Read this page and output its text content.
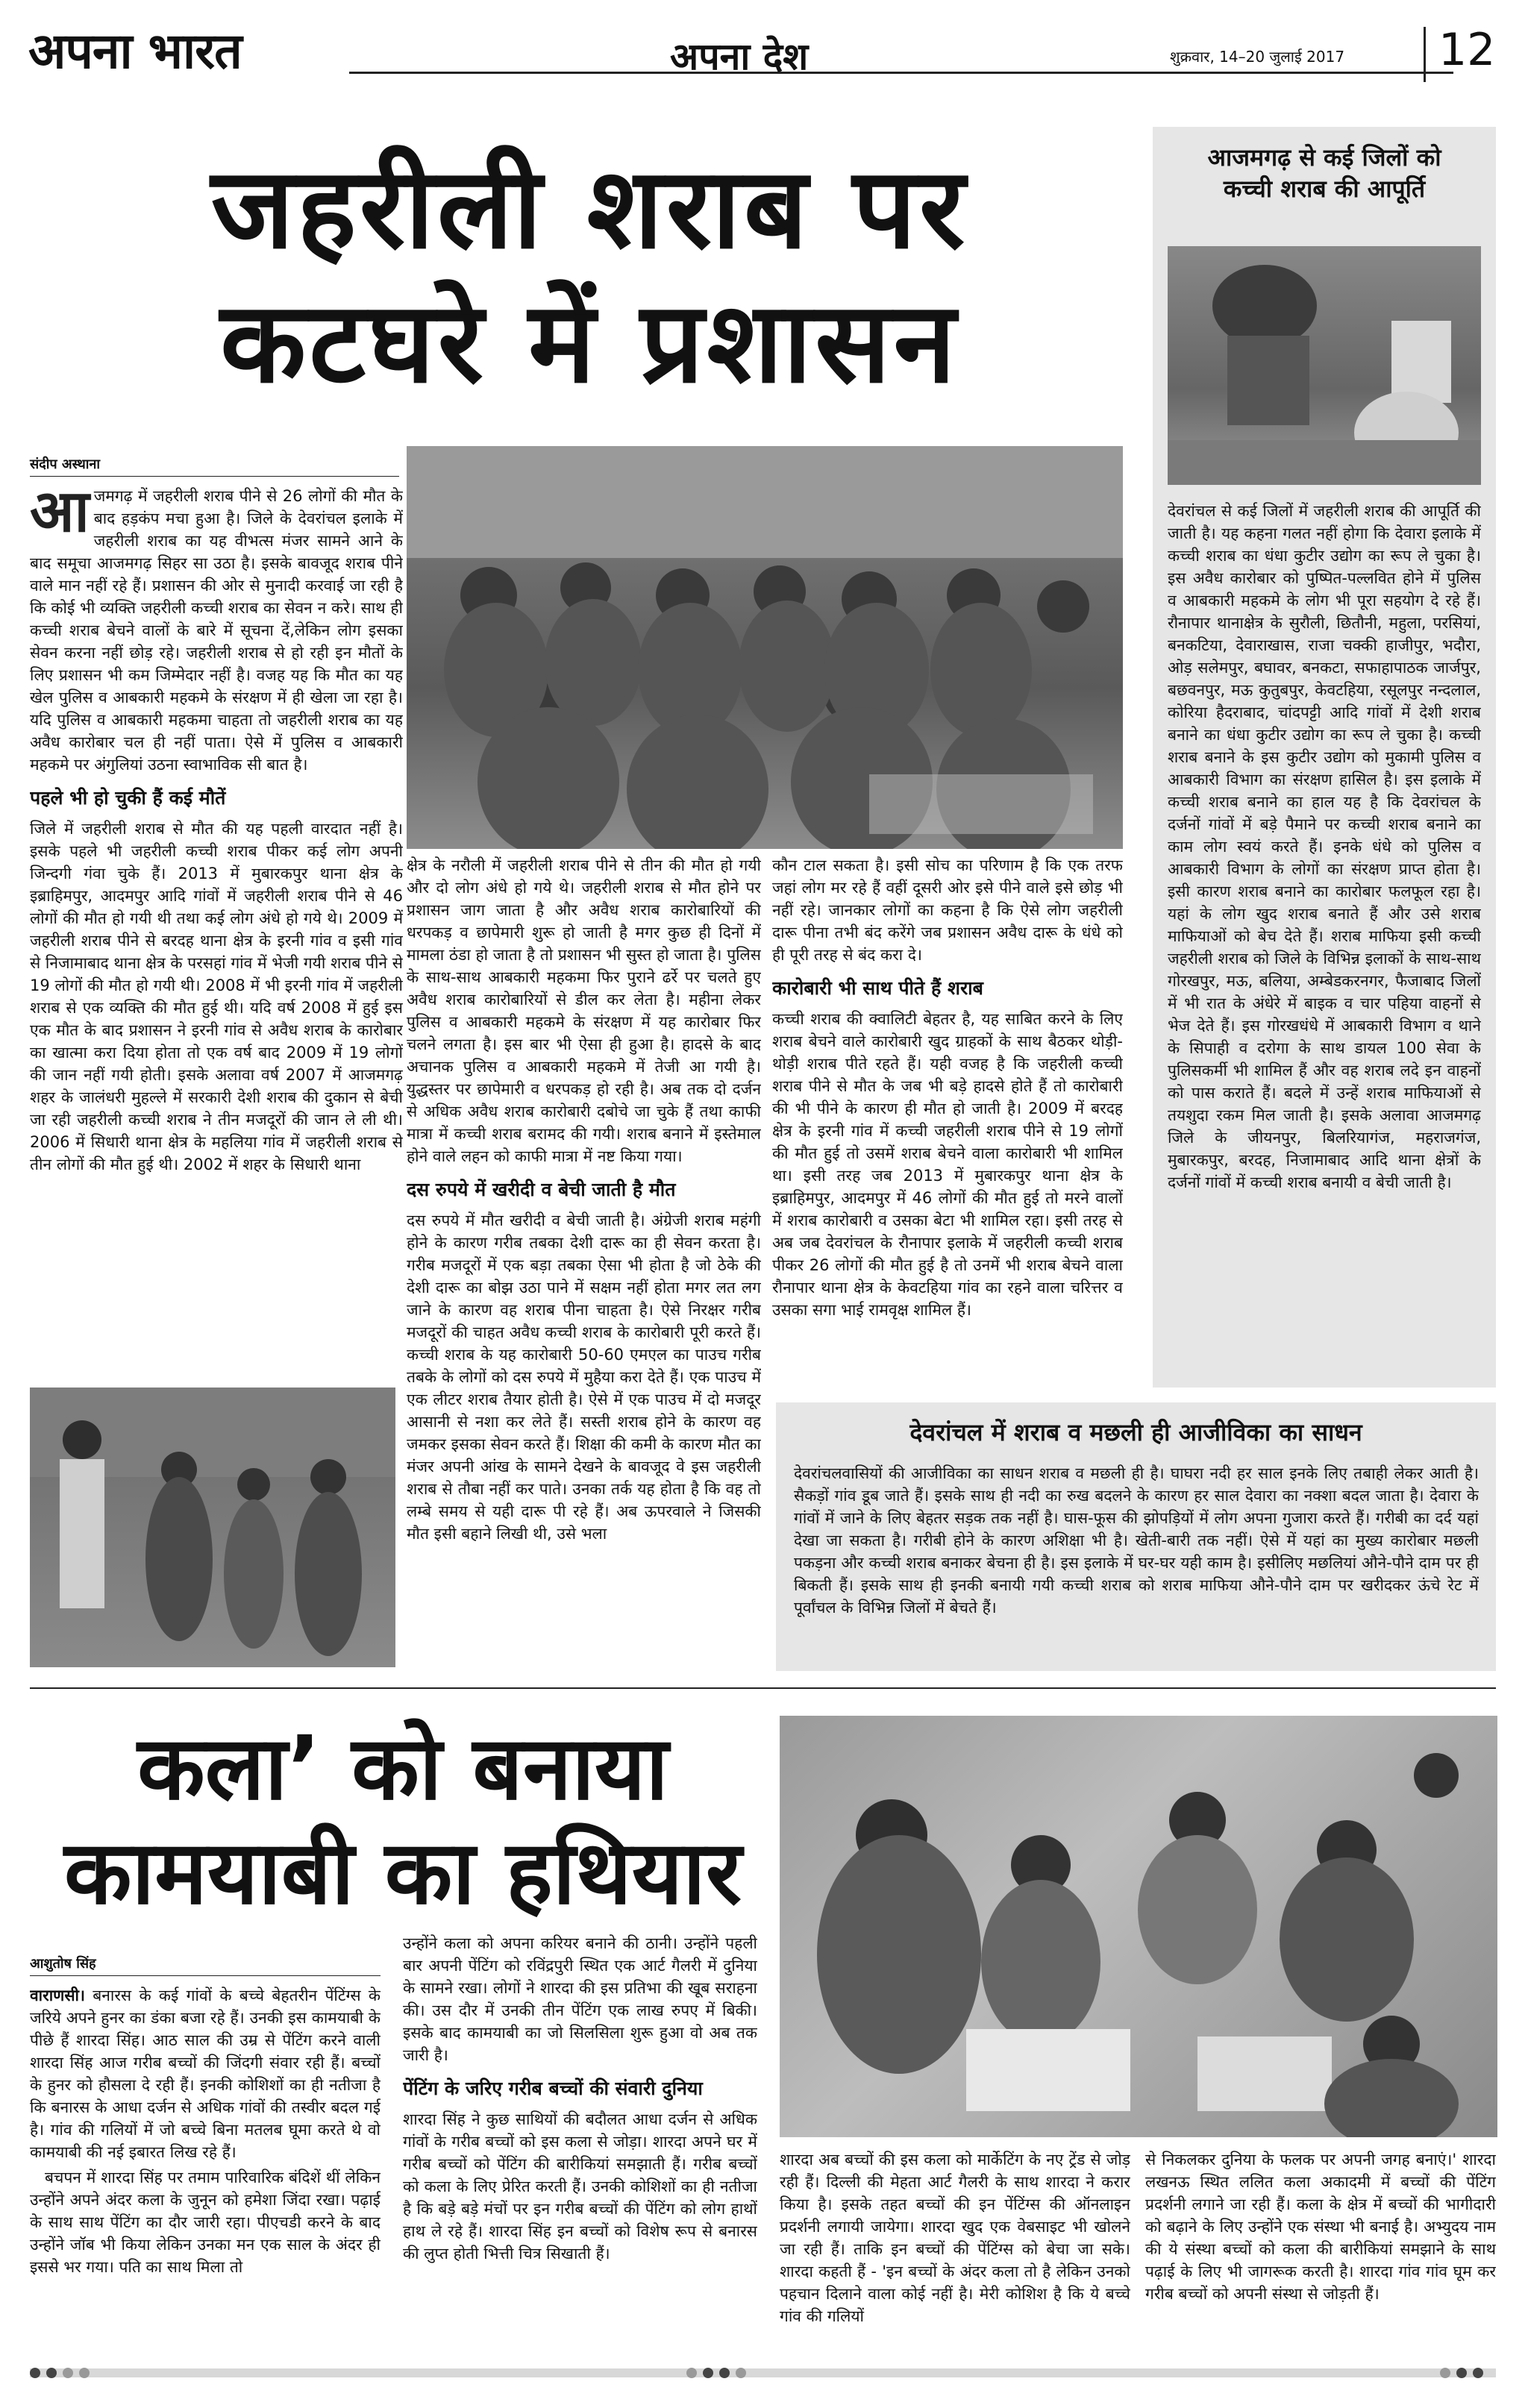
अपना भारत	अपना देश	शुक्रवार, 14–20 जुलाई 2017 12
जहरीली शराब पर
कटघरे में प्रशासन
संदीप अस्थाना

आजमगढ़ में जहरीली शराब पीने से 26 लोगों की मौत के बाद हड़कंप मचा हुआ है। जिले के देवरांचल इलाके में जहरीली शराब का यह वीभत्स मंजर सामने आने के बाद समूचा आजमगढ़ सिहर सा उठा है। इसके बावजूद शराब पीने वाले मान नहीं रहे हैं। प्रशासन की ओर से मुनादी करवाई जा रही है कि कोई भी व्यक्ति जहरीली कच्ची शराब का सेवन न करे। साथ ही कच्ची शराब बेचने वालों के बारे में सूचना दें,लेकिन लोग इसका सेवन करना नहीं छोड़ रहे। जहरीली शराब से हो रही इन मौतों के लिए प्रशासन भी कम जिम्मेदार नहीं है। वजह यह कि मौत का यह खेल पुलिस व आबकारी महकमे के संरक्षण में ही खेला जा रहा है। यदि पुलिस व आबकारी महकमा चाहता तो जहरीली शराब का यह अवैध कारोबार चल ही नहीं पाता। ऐसे में पुलिस व आबकारी महकमे पर अंगुलियां उठना स्वाभाविक सी बात है।

पहले भी हो चुकी हैं कई मौतें

जिले में जहरीली शराब से मौत की यह पहली वारदात नहीं है। इसके पहले भी जहरीली कच्ची शराब पीकर कई लोग अपनी जिन्दगी गंवा चुके हैं। 2013 में मुबारकपुर थाना क्षेत्र के इब्राहिमपुर, आदमपुर आदि गांवों में जहरीली शराब पीने से 46 लोगों की मौत हो गयी थी तथा कई लोग अंधे हो गये थे। 2009 में जहरीली शराब पीने से बरदह थाना क्षेत्र के इरनी गांव व इसी गांव से निजामाबाद थाना क्षेत्र के परसहां गांव में भेजी गयी शराब पीने से 19 लोगों की मौत हो गयी थी। 2008 में भी इरनी गांव में जहरीली शराब से एक व्यक्ति की मौत हुई थी। यदि वर्ष 2008 में हुई इस एक मौत के बाद प्रशासन ने इरनी गांव से अवैध शराब के कारोबार का खात्मा करा दिया होता तो एक वर्ष बाद 2009 में 19 लोगों की जान नहीं गयी होती। इसके अलावा वर्ष 2007 में आजमगढ़ शहर के जालंधरी मुहल्ले में सरकारी देशी शराब की दुकान से बेची जा रही जहरीली कच्ची शराब ने तीन मजदूरों की जान ले ली थी। 2006 में सिधारी थाना क्षेत्र के महलिया गांव में जहरीली शराब से तीन लोगों की मौत हुई थी। 2002 में शहर के सिधारी थाना

क्षेत्र के नरौली में जहरीली शराब पीने से तीन की मौत हो गयी और दो लोग अंधे हो गये थे। जहरीली शराब से मौत होने पर प्रशासन जाग जाता है और अवैध शराब कारोबारियों की धरपकड़ व छापेमारी शुरू हो जाती है मगर कुछ ही दिनों में मामला ठंडा हो जाता है तो प्रशासन भी सुस्त हो जाता है। पुलिस के साथ-साथ आबकारी महकमा फिर पुराने ढर्रे पर चलते हुए अवैध शराब कारोबारियों से डील कर लेता है। महीना लेकर पुलिस व आबकारी महकमे के संरक्षण में यह कारोबार फिर चलने लगता है। इस बार भी ऐसा ही हुआ है। हादसे के बाद अचानक पुलिस व आबकारी महकमे में तेजी आ गयी है। युद्धस्तर पर छापेमारी व धरपकड़ हो रही है। अब तक दो दर्जन से अधिक अवैध शराब कारोबारी दबोचे जा चुके हैं तथा काफी मात्रा में कच्ची शराब बरामद की गयी। शराब बनाने में इस्तेमाल होने वाले लहन को काफी मात्रा में नष्ट किया गया।

दस रुपये में खरीदी व बेची जाती है मौत

दस रुपये में मौत खरीदी व बेची जाती है। अंग्रेजी शराब महंगी होने के कारण गरीब तबका देशी दारू का ही सेवन करता है। गरीब मजदूरों में एक बड़ा तबका ऐसा भी होता है जो ठेके की देशी दारू का बोझ उठा पाने में सक्षम नहीं होता मगर लत लग जाने के कारण वह शराब पीना चाहता है। ऐसे निरक्षर गरीब मजदूरों की चाहत अवैध कच्ची शराब के कारोबारी पूरी करते हैं। कच्ची शराब के यह कारोबारी 50-60 एमएल का पाउच गरीब तबके के लोगों को दस रुपये में मुहैया करा देते हैं। एक पाउच में एक लीटर शराब तैयार होती है। ऐसे में एक पाउच में दो मजदूर आसानी से नशा कर लेते हैं। सस्ती शराब होने के कारण वह जमकर इसका सेवन करते हैं। शिक्षा की कमी के कारण मौत का मंजर अपनी आंख के सामने देखने के बावजूद वे इस जहरीली शराब से तौबा नहीं कर पाते। उनका तर्क यह होता है कि वह तो लम्बे समय से यही दारू पी रहे हैं। अब ऊपरवाले ने जिसकी मौत इसी बहाने लिखी थी, उसे भला

कौन टाल सकता है। इसी सोच का परिणाम है कि एक तरफ जहां लोग मर रहे हैं वहीं दूसरी ओर इसे पीने वाले इसे छोड़ भी नहीं रहे। जानकार लोगों का कहना है कि ऐसे लोग जहरीली दारू पीना तभी बंद करेंगे जब प्रशासन अवैध दारू के धंधे को ही पूरी तरह से बंद करा दे।

कारोबारी भी साथ पीते हैं शराब

कच्ची शराब की क्वालिटी बेहतर है, यह साबित करने के लिए शराब बेचने वाले कारोबारी खुद ग्राहकों के साथ बैठकर थोड़ी-थोड़ी शराब पीते रहते हैं। यही वजह है कि जहरीली कच्ची शराब पीने से मौत के जब भी बड़े हादसे होते हैं तो कारोबारी की भी पीने के कारण ही मौत हो जाती है। 2009 में बरदह क्षेत्र के इरनी गांव में कच्ची जहरीली शराब पीने से 19 लोगों की मौत हुई तो उसमें शराब बेचने वाला कारोबारी भी शामिल था। इसी तरह जब 2013 में मुबारकपुर थाना क्षेत्र के इब्राहिमपुर, आदमपुर में 46 लोगों की मौत हुई तो मरने वालों में शराब कारोबारी व उसका बेटा भी शामिल रहा। इसी तरह से अब जब देवरांचल के रौनापार इलाके में जहरीली कच्ची शराब पीकर 26 लोगों की मौत हुई है तो उनमें भी शराब बेचने वाला रौनापार थाना क्षेत्र के केवटहिया गांव का रहने वाला चरित्तर व उसका सगा भाई रामवृक्ष शामिल हैं।

आजमगढ़ से कई जिलों को
कच्ची शराब की आपूर्ति
देवरांचल से कई जिलों में जहरीली शराब की आपूर्ति की जाती है। यह कहना गलत नहीं होगा कि देवारा इलाके में कच्ची शराब का धंधा कुटीर उद्योग का रूप ले चुका है। इस अवैध कारोबार को पुष्पित-पल्लवित होने में पुलिस व आबकारी महकमे के लोग भी पूरा सहयोग दे रहे हैं। रौनापार थानाक्षेत्र के सुरौली, छितौनी, महुला, परसियां, बनकटिया, देवाराखास, राजा चक्की हाजीपुर, भदौरा, ओड़ सलेमपुर, बघावर, बनकटा, सफाहापाठक जार्जपुर, बछवनपुर, मऊ कुतुबपुर, केवटहिया, रसूलपुर नन्दलाल, कोरिया हैदराबाद, चांदपट्टी आदि गांवों में देशी शराब बनाने का धंधा कुटीर उद्योग का रूप ले चुका है। कच्ची शराब बनाने के इस कुटीर उद्योग को मुकामी पुलिस व आबकारी विभाग का संरक्षण हासिल है। इस इलाके में कच्ची शराब बनाने का हाल यह है कि देवरांचल के दर्जनों गांवों में बड़े पैमाने पर कच्ची शराब बनाने का काम लोग स्वयं करते हैं। इनके धंधे को पुलिस व आबकारी विभाग के लोगों का संरक्षण प्राप्त होता है। इसी कारण शराब बनाने का कारोबार फलफूल रहा है। यहां के लोग खुद शराब बनाते हैं और उसे शराब माफियाओं को बेच देते हैं। शराब माफिया इसी कच्ची जहरीली शराब को जिले के विभिन्न इलाकों के साथ-साथ गोरखपुर, मऊ, बलिया, अम्बेडकरनगर, फैजाबाद जिलों में भी रात के अंधेरे में बाइक व चार पहिया वाहनों से भेज देते हैं। इस गोरखधंधे में आबकारी विभाग व थाने के सिपाही व दरोगा के साथ डायल 100 सेवा के पुलिसकर्मी भी शामिल हैं और वह शराब लदे इन वाहनों को पास कराते हैं। बदले में उन्हें शराब माफियाओं से तयशुदा रकम मिल जाती है। इसके अलावा आजमगढ़ जिले के जीयनपुर, बिलरियागंज, महराजगंज, मुबारकपुर, बरदह, निजामाबाद आदि थाना क्षेत्रों के दर्जनों गांवों में कच्ची शराब बनायी व बेची जाती है।
देवरांचल में शराब व मछली ही आजीविका का साधन
देवरांचलवासियों की आजीविका का साधन शराब व मछली ही है। घाघरा नदी हर साल इनके लिए तबाही लेकर आती है। सैकड़ों गांव डूब जाते हैं। इसके साथ ही नदी का रुख बदलने के कारण हर साल देवारा का नक्शा बदल जाता है। देवारा के गांवों में जाने के लिए बेहतर सड़क तक नहीं है। घास-फूस की झोपड़ियों में लोग अपना गुजारा करते हैं। गरीबी का दर्द यहां देखा जा सकता है। गरीबी होने के कारण अशिक्षा भी है। खेती-बारी तक नहीं। ऐसे में यहां का मुख्य कारोबार मछली पकड़ना और कच्ची शराब बनाकर बेचना ही है। इस इलाके में घर-घर यही काम है। इसीलिए मछलियां औने-पौने दाम पर ही बिकती हैं। इसके साथ ही इनकी बनायी गयी कच्ची शराब को शराब माफिया औने-पौने दाम पर खरीदकर ऊंचे रेट में पूर्वांचल के विभिन्न जिलों में बेचते हैं।
कला’ को बनाया
कामयाबी का हथियार
आशुतोष सिंह

वाराणसी। बनारस के कई गांवों के बच्चे बेहतरीन पेंटिंग्स के जरिये अपने हुनर का डंका बजा रहे हैं। उनकी इस कामयाबी के पीछे हैं शारदा सिंह। आठ साल की उम्र से पेंटिंग करने वाली शारदा सिंह आज गरीब बच्चों की जिंदगी संवार रही हैं। बच्चों के हुनर को हौसला दे रही हैं। इनकी कोशिशों का ही नतीजा है कि बनारस के आधा दर्जन से अधिक गांवों की तस्वीर बदल गई है। गांव की गलियों में जो बच्चे बिना मतलब घूमा करते थे वो कामयाबी की नई इबारत लिख रहे हैं।

बचपन में शारदा सिंह पर तमाम पारिवारिक बंदिशें थीं लेकिन उन्होंने अपने अंदर कला के जुनून को हमेशा जिंदा रखा। पढ़ाई के साथ साथ पेंटिंग का दौर जारी रहा। पीएचडी करने के बाद उन्होंने जॉब भी किया लेकिन उनका मन एक साल के अंदर ही इससे भर गया। पति का साथ मिला तो

उन्होंने कला को अपना करियर बनाने की ठानी। उन्होंने पहली बार अपनी पेंटिंग को रविंद्रपुरी स्थित एक आर्ट गैलरी में दुनिया के सामने रखा। लोगों ने शारदा की इस प्रतिभा की खूब सराहना की। उस दौर में उनकी तीन पेंटिंग एक लाख रुपए में बिकी। इसके बाद कामयाबी का जो सिलसिला शुरू हुआ वो अब तक जारी है।

पेंटिंग के जरिए गरीब बच्चों की संवारी दुनिया

शारदा सिंह ने कुछ साथियों की बदौलत आधा दर्जन से अधिक गांवों के गरीब बच्चों को इस कला से जोड़ा। शारदा अपने घर में गरीब बच्चों को पेंटिंग की बारीकियां समझाती हैं। गरीब बच्चों को कला के लिए प्रेरित करती हैं। उनकी कोशिशों का ही नतीजा है कि बड़े बड़े मंचों पर इन गरीब बच्चों की पेंटिंग को लोग हाथों हाथ ले रहे हैं। शारदा सिंह इन बच्चों को विशेष रूप से बनारस की लुप्त होती भित्ती चित्र सिखाती हैं।

शारदा अब बच्चों की इस कला को मार्केटिंग के नए ट्रेंड से जोड़ रही हैं। दिल्ली की मेहता आर्ट गैलरी के साथ शारदा ने करार किया है। इसके तहत बच्चों की इन पेंटिंग्स की ऑनलाइन प्रदर्शनी लगायी जायेगा। शारदा खुद एक वेबसाइट भी खोलने जा रही हैं। ताकि इन बच्चों की पेंटिंग्स को बेचा जा सके। शारदा कहती हैं - 'इन बच्चों के अंदर कला तो है लेकिन उनको पहचान दिलाने वाला कोई नहीं है। मेरी कोशिश है कि ये बच्चे गांव की गलियों

से निकलकर दुनिया के फलक पर अपनी जगह बनाएं।' शारदा लखनऊ स्थित ललित कला अकादमी में बच्चों की पेंटिंग प्रदर्शनी लगाने जा रही हैं। कला के क्षेत्र में बच्चों की भागीदारी को बढ़ाने के लिए उन्होंने एक संस्था भी बनाई है। अभ्युदय नाम की ये संस्था बच्चों को कला की बारीकियां समझाने के साथ पढ़ाई के लिए भी जागरूक करती है। शारदा गांव गांव घूम कर गरीब बच्चों को अपनी संस्था से जोड़ती हैं।
